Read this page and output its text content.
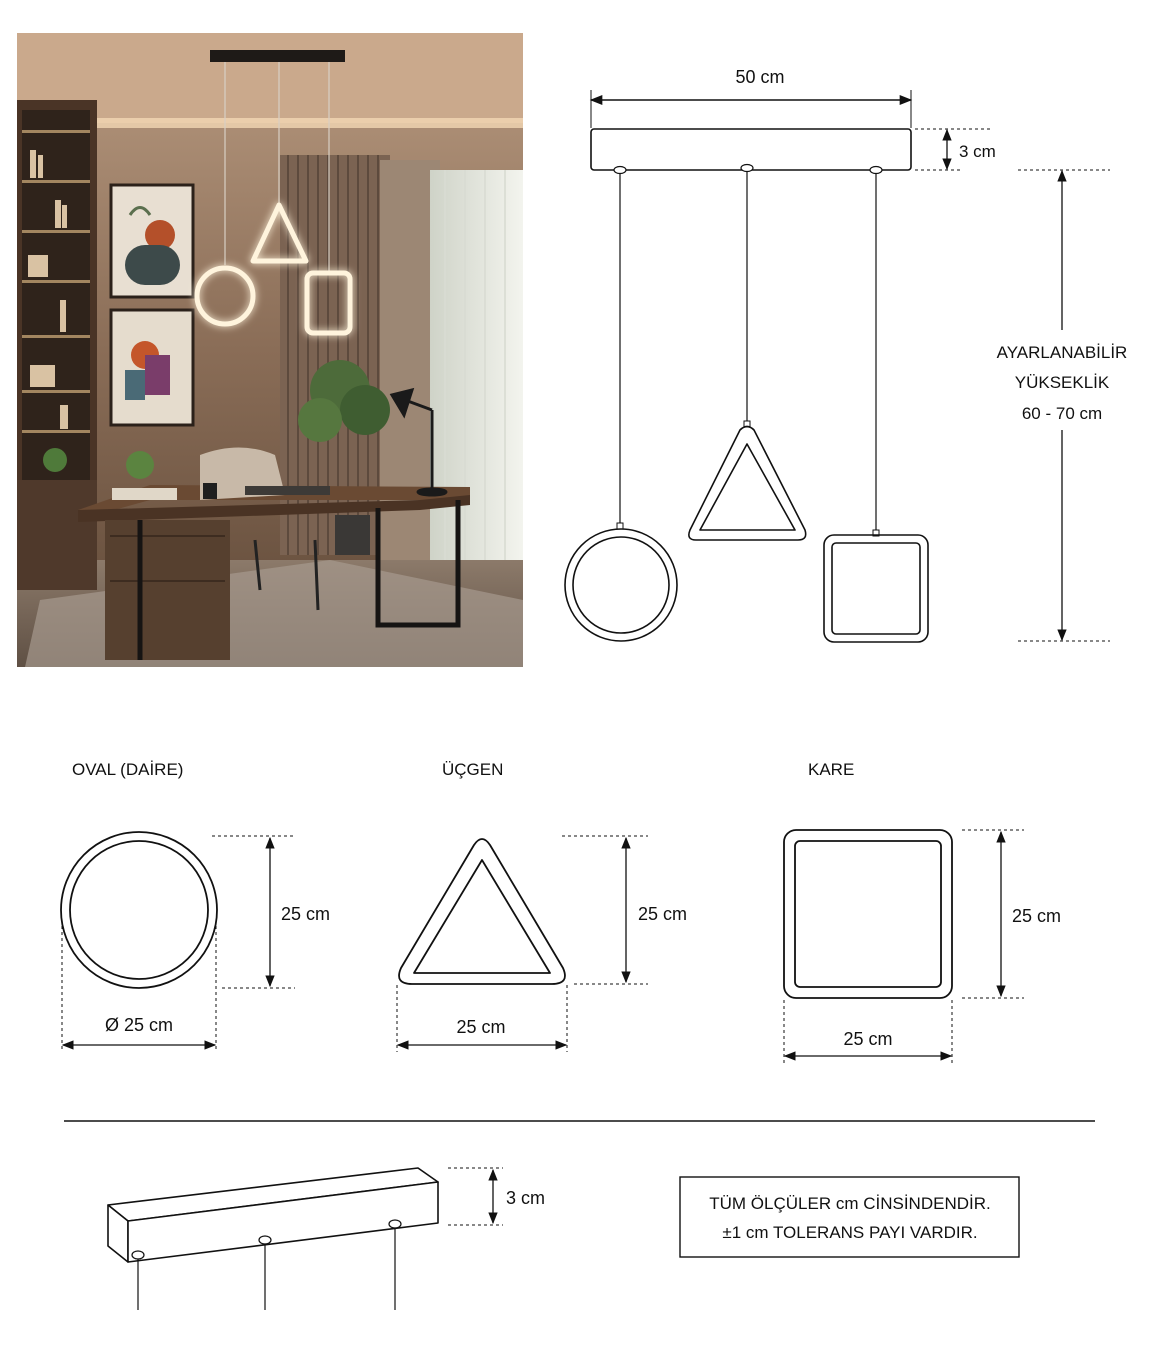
50 cm
3 cm
AYARLANABİLİR
YÜKSEKLİK
60 - 70 cm
OVAL (DAİRE)	ÜÇGEN	KARE
25 cm
Ø 25 cm
25 cm
25 cm
25 cm
25 cm
3 cm	TÜM ÖLÇÜLER cm CİNSİNDENDİR.
±1 cm TOLERANS PAYI VARDIR.
